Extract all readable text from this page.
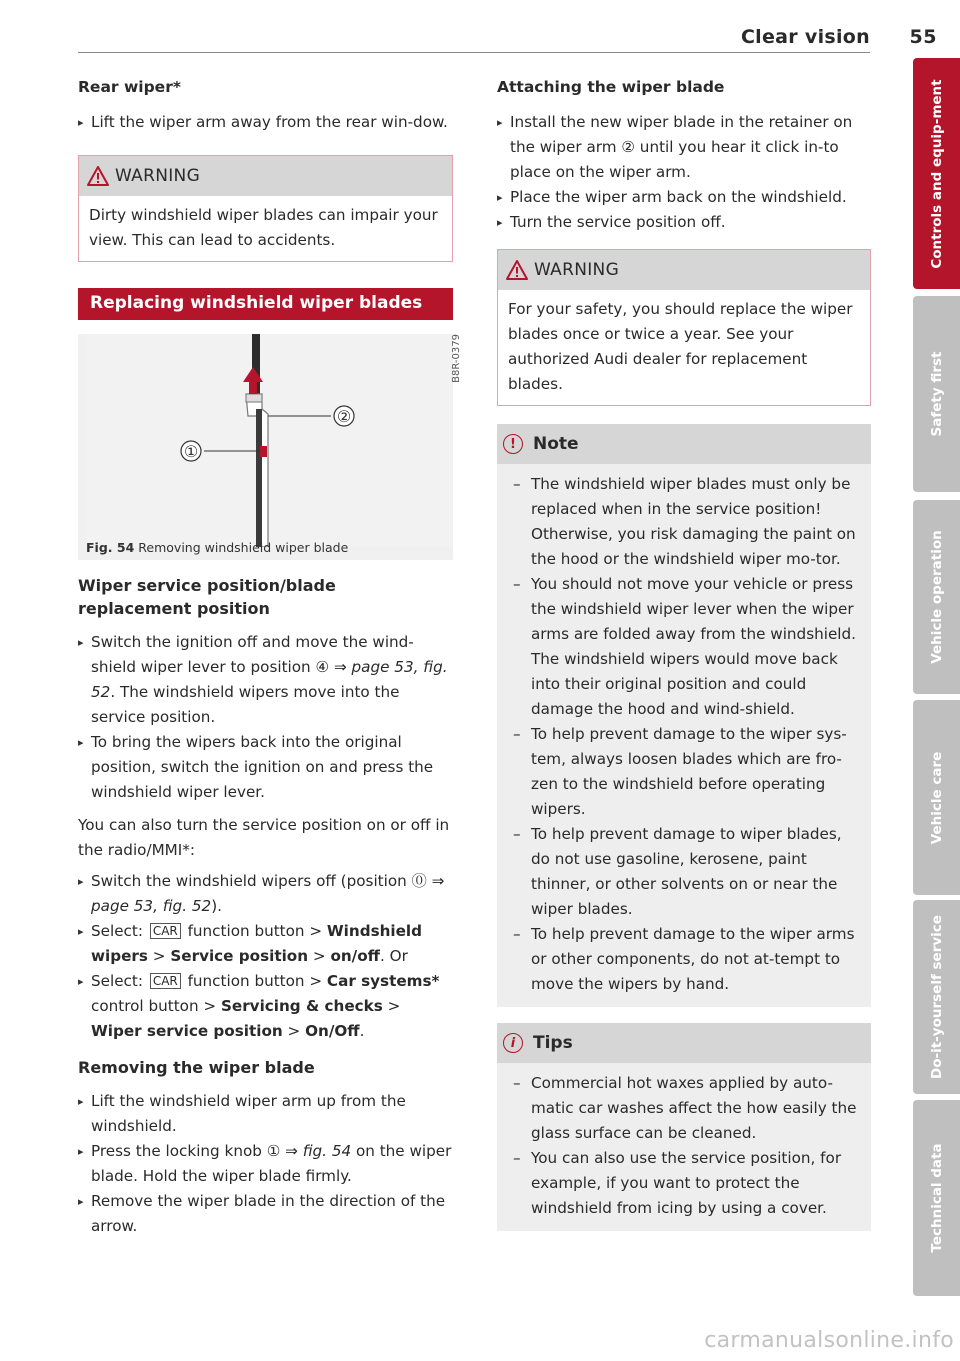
Clear vision 55
Rear wiper*
▸ Lift the wiper arm away from the rear win-dow.
WARNING
Dirty windshield wiper blades can impair your view. This can lead to accidents.
Replacing windshield wiper blades
①
②
B8R-0379
Fig. 54 Removing windshield wiper blade
Wiper service position/blade replacement position
▸ Switch the ignition off and move the wind-shield wiper lever to position ④ ⇒ page 53, fig. 52. The windshield wipers move into the service position.
▸ To bring the wipers back into the original position, switch the ignition on and press the windshield wiper lever.

You can also turn the service position on or off in the radio/MMI*:

▸ Switch the windshield wipers off (position ⓪ ⇒ page 53, fig. 52).
▸ Select: CAR function button > Windshield wipers > Service position > on/off. Or
▸ Select: CAR function button > Car systems* control button > Servicing & checks > Wiper service position > On/Off.
Removing the wiper blade
▸ Lift the windshield wiper arm up from the windshield.
▸ Press the locking knob ① ⇒ fig. 54 on the wiper blade. Hold the wiper blade firmly.
▸ Remove the wiper blade in the direction of the arrow.
Attaching the wiper blade
▸ Install the new wiper blade in the retainer on the wiper arm ② until you hear it click in-to place on the wiper arm.
▸ Place the wiper arm back on the windshield.
▸ Turn the service position off.
WARNING
For your safety, you should replace the wiper blades once or twice a year. See your authorized Audi dealer for replacement blades.
!	Note
– The windshield wiper blades must only be replaced when in the service position! Otherwise, you risk damaging the paint on the hood or the windshield wiper mo-tor.
– You should not move your vehicle or press the windshield wiper lever when the wiper arms are folded away from the windshield. The windshield wipers would move back into their original position and could damage the hood and wind-shield.
– To help prevent damage to the wiper sys-tem, always loosen blades which are fro-zen to the windshield before operating wipers.
– To help prevent damage to wiper blades, do not use gasoline, kerosene, paint thinner, or other solvents on or near the wiper blades.
– To help prevent damage to the wiper arms or other components, do not at-tempt to move the wipers by hand.
i	Tips
– Commercial hot waxes applied by auto-matic car washes affect the how easily the glass surface can be cleaned.
– You can also use the service position, for example, if you want to protect the windshield from icing by using a cover.
Controls and equip-ment
Safety first
Vehicle operation
Vehicle care
Do-it-yourself service
Technical data
carmanualsonline.info
